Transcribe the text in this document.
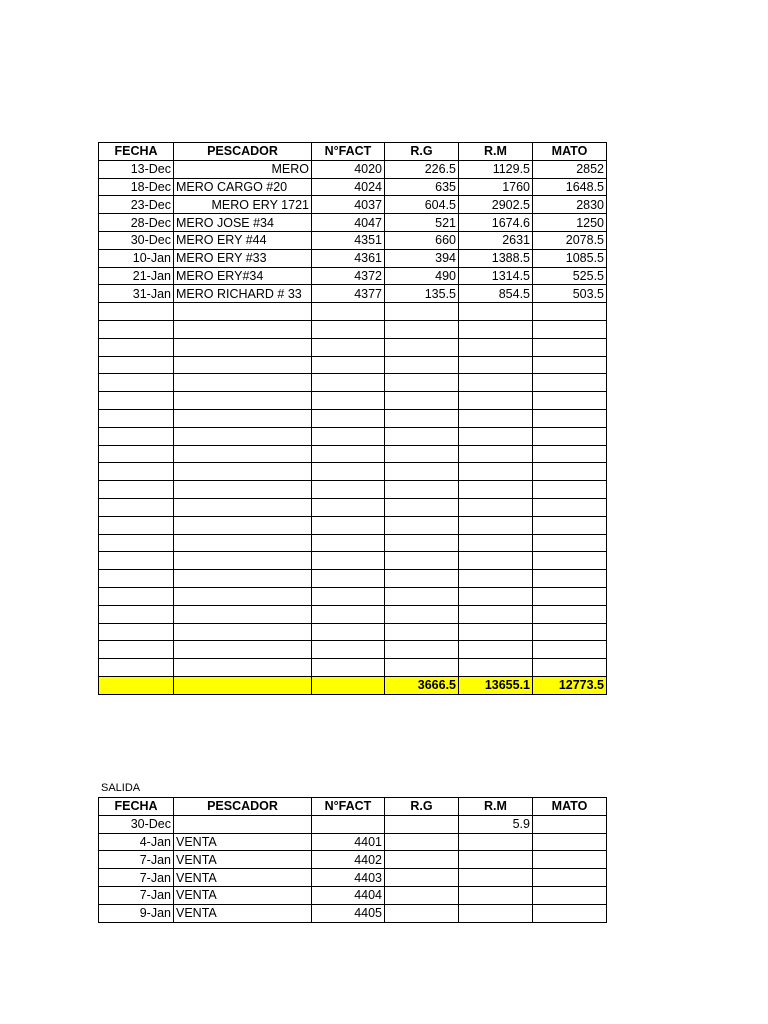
FECHA	PESCADOR	N°FACT	R.G	R.M	MATO
13-Dec	MERO	4020	226.5	1129.5	2852
18-Dec	MERO CARGO #20	4024	635	1760	1648.5
23-Dec	MERO ERY 1721	4037	604.5	2902.5	2830
28-Dec	MERO JOSE #34	4047	521	1674.6	1250
30-Dec	MERO ERY #44	4351	660	2631	2078.5
10-Jan	MERO ERY #33	4361	394	1388.5	1085.5
21-Jan	MERO ERY#34	4372	490	1314.5	525.5
31-Jan	MERO RICHARD # 33	4377	135.5	854.5	503.5

			3666.5	13655.1	12773.5
SALIDA
FECHA	PESCADOR	N°FACT	R.G	R.M	MATO
30-Dec				5.9	
4-Jan	VENTA	4401			
7-Jan	VENTA	4402			
7-Jan	VENTA	4403			
7-Jan	VENTA	4404			
9-Jan	VENTA	4405			
